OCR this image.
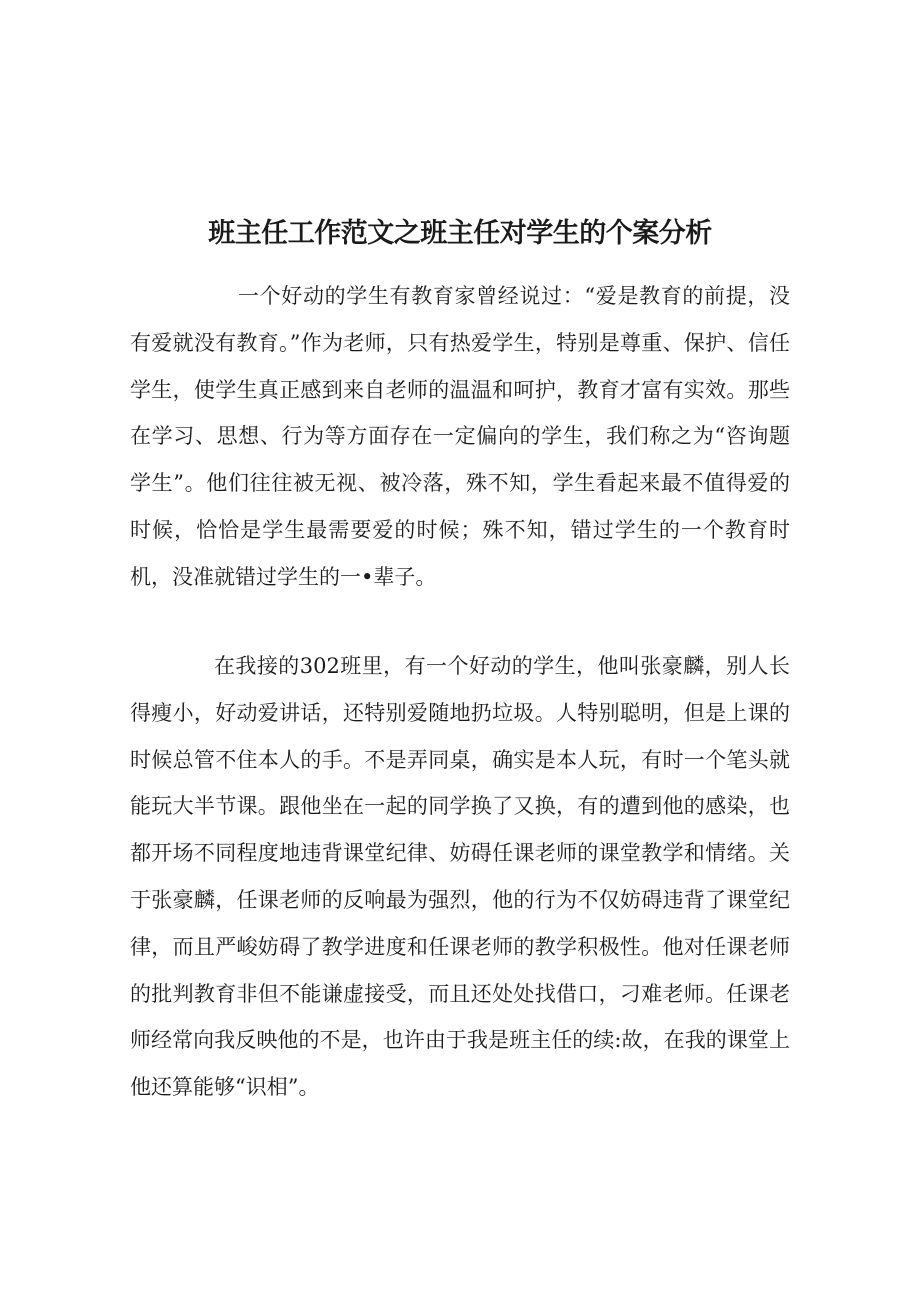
班主任工作范文之班主任对学生的个案分析

一个好动的学生有教育家曾经说过：“爱是教育的前提，没有爱就没有教育。”作为老师，只有热爱学生，特别是尊重、保护、信任学生，使学生真正感到来自老师的温温和呵护，教育才富有实效。那些在学习、思想、行为等方面存在一定偏向的学生，我们称之为“咨询题学生”。他们往往被无视、被冷落，殊不知，学生看起来最不值得爱的时候，恰恰是学生最需要爱的时候；殊不知，错过学生的一个教育时机，没准就错过学生的一•辈子。

在我接的302班里，有一个好动的学生，他叫张豪麟，别人长得瘦小，好动爱讲话，还特别爱随地扔垃圾。人特别聪明，但是上课的时候总管不住本人的手。不是弄同桌，确实是本人玩，有时一个笔头就能玩大半节课。跟他坐在一起的同学换了又换，有的遭到他的感染，也都开场不同程度地违背课堂纪律、妨碍任课老师的课堂教学和情绪。关于张豪麟，任课老师的反响最为强烈，他的行为不仅妨碍违背了课堂纪律，而且严峻妨碍了教学进度和任课老师的教学积极性。他对任课老师的批判教育非但不能谦虚接受，而且还处处找借口，刁难老师。任课老师经常向我反映他的不是，也许由于我是班主任的续:故，在我的课堂上他还算能够“识相”。
